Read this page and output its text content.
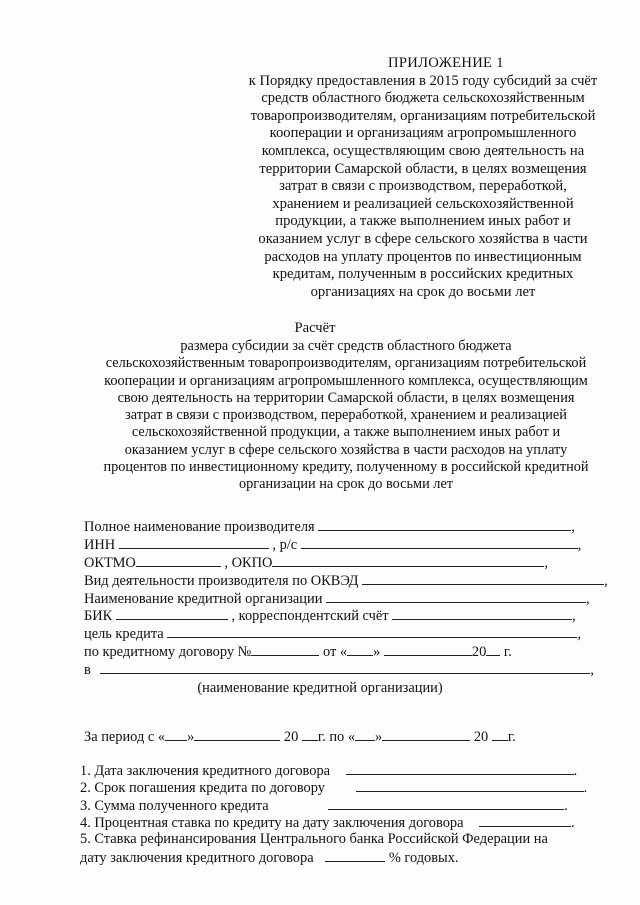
ПРИЛОЖЕНИЕ 1
к Порядку предоставления в 2015 году субсидий за счёт
средств областного бюджета сельскохозяйственным
товаропроизводителям, организациям потребительской
кооперации и организациям агропромышленного
комплекса, осуществляющим свою деятельность на
территории Самарской области, в целях возмещения
затрат в связи с производством, переработкой,
хранением и реализацией сельскохозяйственной
продукции, а также выполнением иных работ и
оказанием услуг в сфере сельского хозяйства в части
расходов на уплату процентов по инвестиционным
кредитам, полученным в российских кредитных
организациях на срок до восьми лет
Расчёт
размера субсидии за счёт средств областного бюджета
сельскохозяйственным товаропроизводителям, организациям потребительской
кооперации и организациям агропромышленного комплекса, осуществляющим
свою деятельность на территории Самарской области, в целях возмещения
затрат в связи с производством, переработкой, хранением и реализацией
сельскохозяйственной продукции, а также выполнением иных работ и
оказанием услуг в сфере сельского хозяйства в части расходов на уплату
процентов по инвестиционному кредиту, полученному в российской кредитной
организации на срок до восьми лет
Полное наименование производителя	,
ИНН	, р/с	,
ОКТМО	, ОКПО	,
Вид деятельности производителя по ОКВЭД	,
Наименование кредитной организации	,
БИК	, корреспондентский счёт	,
цель кредита	,
по кредитному договору №	от « »	20 г.
в	,
(наименование кредитной организации)
За период с « »	20 г. по « »	20 г.
1. Дата заключения кредитного договора	.
2. Срок погашения кредита по договору	.
3. Сумма полученного кредита	.
4. Процентная ставка по кредиту на дату заключения договора	.
5. Ставка рефинансирования Центрального банка Российской Федерации на
дату заключения кредитного договора	% годовых.
